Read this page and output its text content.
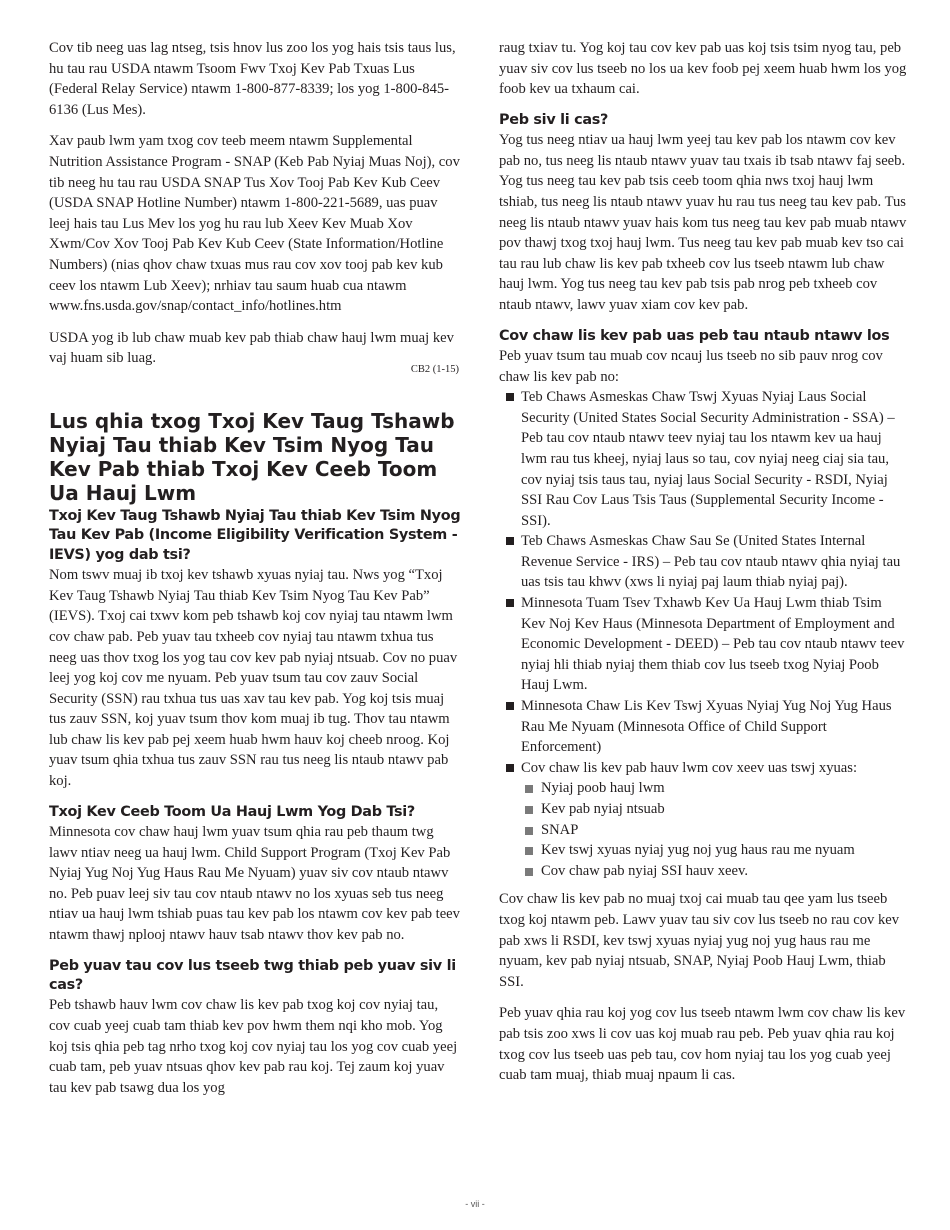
Cov tib neeg uas lag ntseg, tsis hnov lus zoo los yog hais tsis taus lus, hu tau rau USDA ntawm Tsoom Fwv Txoj Kev Pab Txuas Lus (Federal Relay Service) ntawm 1-800-877-8339; los yog 1-800-845-6136 (Lus Mes).

Xav paub lwm yam txog cov teeb meem ntawm Supplemental Nutrition Assistance Program - SNAP (Keb Pab Nyiaj Muas Noj), cov tib neeg hu tau rau USDA SNAP Tus Xov Tooj Pab Kev Kub Ceev (USDA SNAP Hotline Number) ntawm 1-800-221-5689, uas puav leej hais tau Lus Mev los yog hu rau lub Xeev Kev Muab Xov Xwm/Cov Xov Tooj Pab Kev Kub Ceev (State Information/Hotline Numbers) (nias qhov chaw txuas mus rau cov xov tooj pab kev kub ceev los ntawm Lub Xeev); nrhiav tau saum huab cua ntawm www.fns.usda.gov/snap/contact_info/hotlines.htm

USDA yog ib lub chaw muab kev pab thiab chaw hauj lwm muaj kev vaj huam sib luag.

CB2 (1-15)
Lus qhia txog Txoj Kev Taug Tshawb Nyiaj Tau thiab Kev Tsim Nyog Tau Kev Pab thiab Txoj Kev Ceeb Toom Ua Hauj Lwm
Txoj Kev Taug Tshawb Nyiaj Tau thiab Kev Tsim Nyog Tau Kev Pab (Income Eligibility Verification System - IEVS) yog dab tsi?

Nom tswv muaj ib txoj kev tshawb xyuas nyiaj tau. Nws yog “Txoj Kev Taug Tshawb Nyiaj Tau thiab Kev Tsim Nyog Tau Kev Pab” (IEVS). Txoj cai txwv kom peb tshawb koj cov nyiaj tau ntawm lwm cov chaw pab. Peb yuav tau txheeb cov nyiaj tau ntawm txhua tus neeg uas thov txog los yog tau cov kev pab nyiaj ntsuab. Cov no puav leej yog koj cov me nyuam. Peb yuav tsum tau cov zauv Social Security (SSN) rau txhua tus uas xav tau kev pab. Yog koj tsis muaj tus zauv SSN, koj yuav tsum thov kom muaj ib tug. Thov tau ntawm lub chaw lis kev pab pej xeem huab hwm hauv koj cheeb nroog. Koj yuav tsum qhia txhua tus zauv SSN rau tus neeg lis ntaub ntawv pab koj.

Txoj Kev Ceeb Toom Ua Hauj Lwm Yog Dab Tsi?

Minnesota cov chaw hauj lwm yuav tsum qhia rau peb thaum twg lawv ntiav neeg ua hauj lwm. Child Support Program (Txoj Kev Pab Nyiaj Yug Noj Yug Haus Rau Me Nyuam) yuav siv cov ntaub ntawv no. Peb puav leej siv tau cov ntaub ntawv no los xyuas seb tus neeg ntiav ua hauj lwm tshiab puas tau kev pab los ntawm cov kev pab teev ntawm thawj nplooj ntawv hauv tsab ntawv thov kev pab no.

Peb yuav tau cov lus tseeb twg thiab peb yuav siv li cas?

Peb tshawb hauv lwm cov chaw lis kev pab txog koj cov nyiaj tau, cov cuab yeej cuab tam thiab kev pov hwm them nqi kho mob. Yog koj tsis qhia peb tag nrho txog koj cov nyiaj tau los yog cov cuab yeej cuab tam, peb yuav ntsuas qhov kev pab rau koj. Tej zaum koj yuav tau kev pab tsawg dua los yog

raug txiav tu. Yog koj tau cov kev pab uas koj tsis tsim nyog tau, peb yuav siv cov lus tseeb no los ua kev foob pej xeem huab hwm los yog foob kev ua txhaum cai.

Peb siv li cas?

Yog tus neeg ntiav ua hauj lwm yeej tau kev pab los ntawm cov kev pab no, tus neeg lis ntaub ntawv yuav tau txais ib tsab ntawv faj seeb. Yog tus neeg tau kev pab tsis ceeb toom qhia nws txoj hauj lwm tshiab, tus neeg lis ntaub ntawv yuav hu rau tus neeg tau kev pab. Tus neeg lis ntaub ntawv yuav hais kom tus neeg tau kev pab muab ntawv pov thawj txog txoj hauj lwm. Tus neeg tau kev pab muab kev tso cai tau rau lub chaw lis kev pab txheeb cov lus tseeb ntawm lub chaw hauj lwm. Yog tus neeg tau kev pab tsis pab nrog peb txheeb cov ntaub ntawv, lawv yuav xiam cov kev pab.

Cov chaw lis kev pab uas peb tau ntaub ntawv los

Peb yuav tsum tau muab cov ncauj lus tseeb no sib pauv nrog cov chaw lis kev pab no:

Teb Chaws Asmeskas Chaw Tswj Xyuas Nyiaj Laus Social Security (United States Social Security Administration - SSA) – Peb tau cov ntaub ntawv teev nyiaj tau los ntawm kev ua hauj lwm rau tus kheej, nyiaj laus so tau, cov nyiaj neeg ciaj sia tau, cov nyiaj tsis taus tau, nyiaj laus Social Security - RSDI, Nyiaj SSI Rau Cov Laus Tsis Taus (Supplemental Security Income - SSI).
Teb Chaws Asmeskas Chaw Sau Se (United States Internal Revenue Service - IRS) – Peb tau cov ntaub ntawv qhia nyiaj tau uas tsis tau khwv (xws li nyiaj paj laum thiab nyiaj paj).
Minnesota Tuam Tsev Txhawb Kev Ua Hauj Lwm thiab Tsim Kev Noj Kev Haus (Minnesota Department of Employment and Economic Development - DEED) – Peb tau cov ntaub ntawv teev nyiaj hli thiab nyiaj them thiab cov lus tseeb txog Nyiaj Poob Hauj Lwm.
Minnesota Chaw Lis Kev Tswj Xyuas Nyiaj Yug Noj Yug Haus Rau Me Nyuam (Minnesota Office of Child Support Enforcement)
Cov chaw lis kev pab hauv lwm cov xeev uas tswj xyuas:
Nyiaj poob hauj lwm
Kev pab nyiaj ntsuab
SNAP
Kev tswj xyuas nyiaj yug noj yug haus rau me nyuam
Cov chaw pab nyiaj SSI hauv xeev.

Cov chaw lis kev pab no muaj txoj cai muab tau qee yam lus tseeb txog koj ntawm peb. Lawv yuav tau siv cov lus tseeb no rau cov kev pab xws li RSDI, kev tswj xyuas nyiaj yug noj yug haus rau me nyuam, kev pab nyiaj ntsuab, SNAP, Nyiaj Poob Hauj Lwm, thiab SSI.

Peb yuav qhia rau koj yog cov lus tseeb ntawm lwm cov chaw lis kev pab tsis zoo xws li cov uas koj muab rau peb. Peb yuav qhia rau koj txog cov lus tseeb uas peb tau, cov hom nyiaj tau los yog cuab yeej cuab tam muaj, thiab muaj npaum li cas.

- vii -
